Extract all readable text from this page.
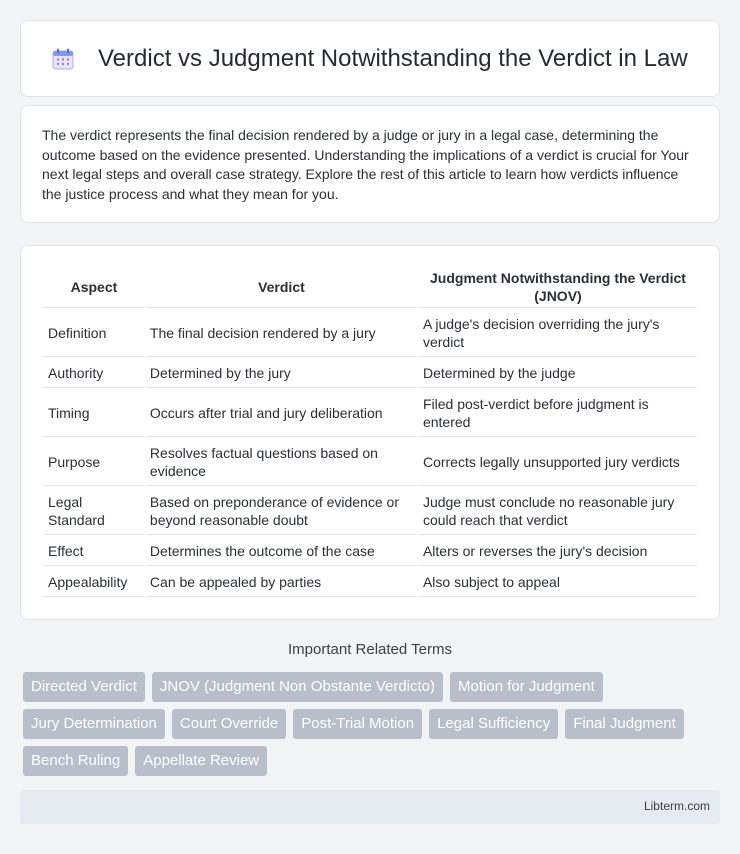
Verdict vs Judgment Notwithstanding the Verdict in Law

The verdict represents the final decision rendered by a judge or jury in a legal case, determining the outcome based on the evidence presented. Understanding the implications of a verdict is crucial for Your next legal steps and overall case strategy. Explore the rest of this article to learn how verdicts influence the justice process and what they mean for you.

Aspect	Verdict	Judgment Notwithstanding the Verdict (JNOV)
Definition	The final decision rendered by a jury	A judge's decision overriding the jury's verdict
Authority	Determined by the jury	Determined by the judge
Timing	Occurs after trial and jury deliberation	Filed post-verdict before judgment is entered
Purpose	Resolves factual questions based on evidence	Corrects legally unsupported jury verdicts
Legal Standard	Based on preponderance of evidence or beyond reasonable doubt	Judge must conclude no reasonable jury could reach that verdict
Effect	Determines the outcome of the case	Alters or reverses the jury's decision
Appealability	Can be appealed by parties	Also subject to appeal
Important Related Terms
Directed Verdict	JNOV (Judgment Non Obstante Verdicto)	Motion for Judgment
Jury Determination	Court Override	Post-Trial Motion	Legal Sufficiency	Final Judgment
Bench Ruling	Appellate Review
Libterm.com
